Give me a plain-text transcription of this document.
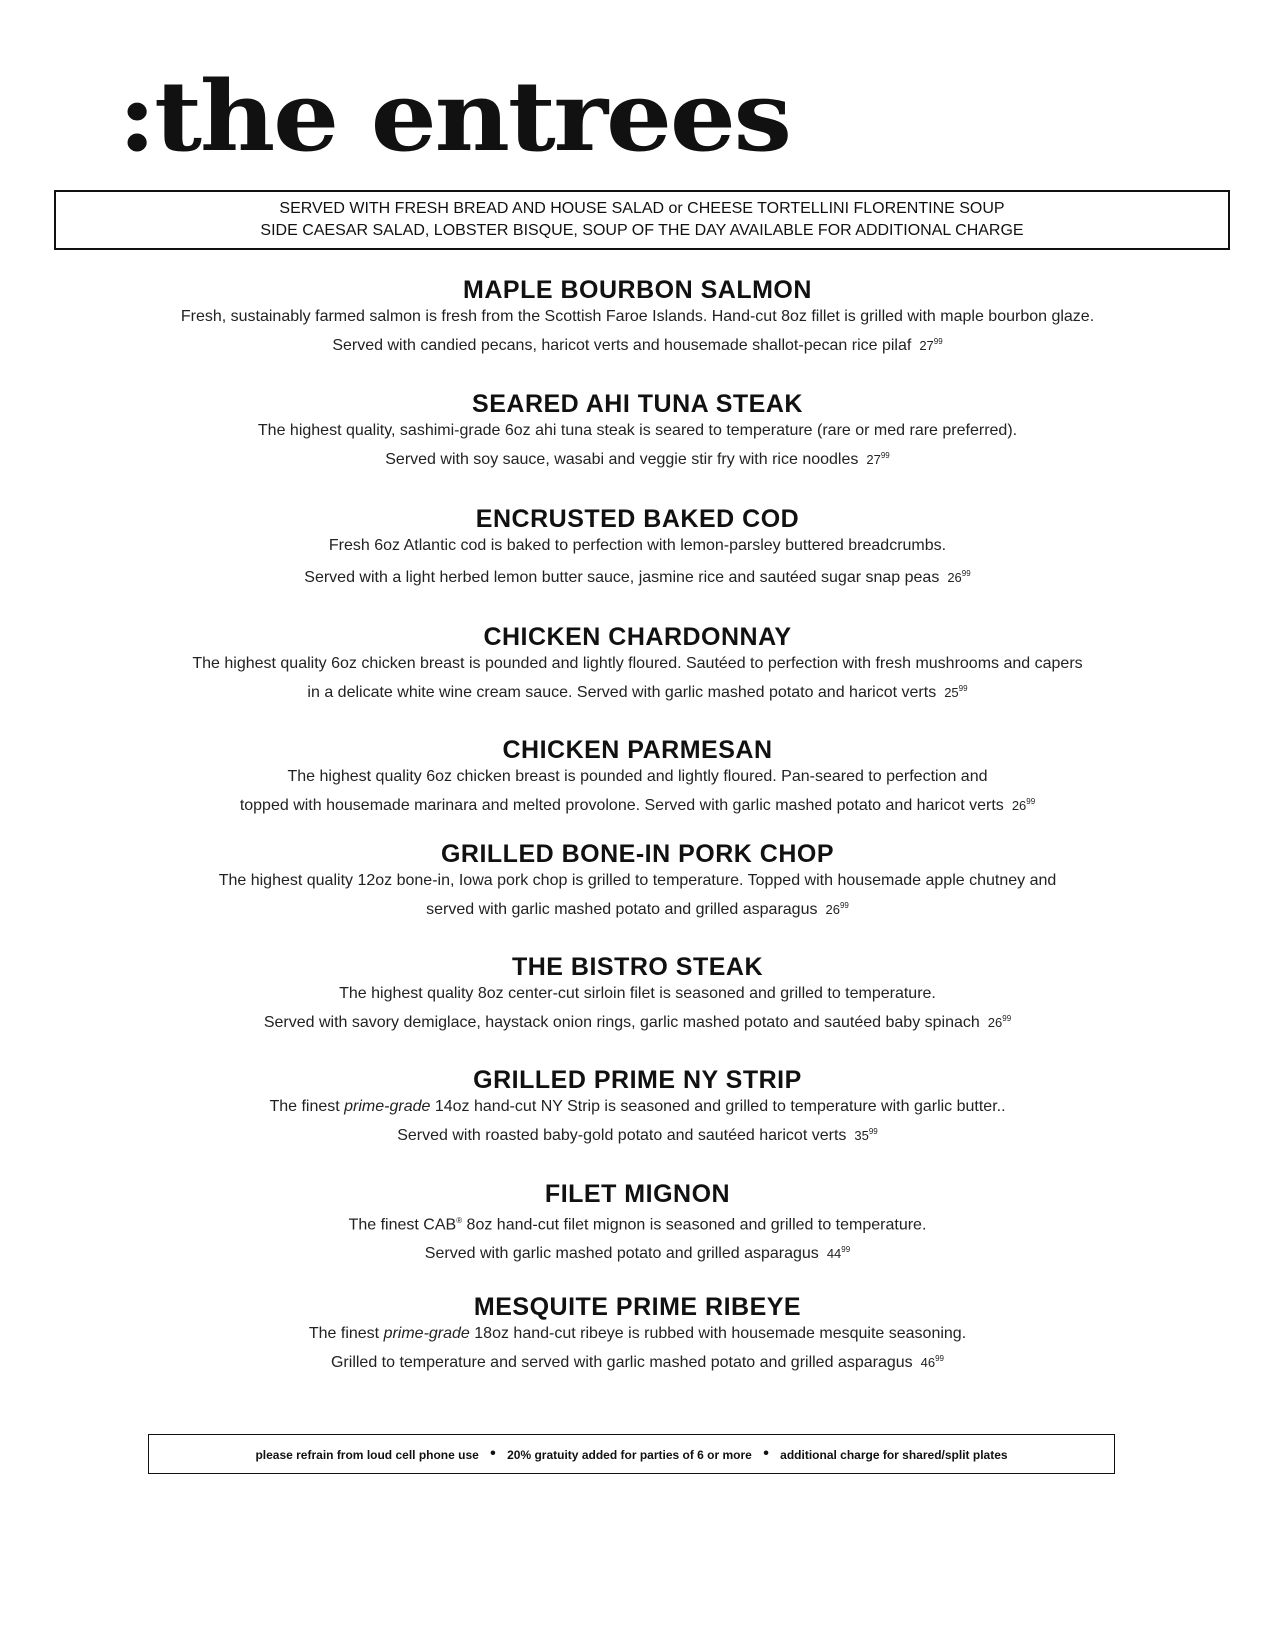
:the entrees
SERVED WITH FRESH BREAD AND HOUSE SALAD or CHEESE TORTELLINI FLORENTINE SOUP
SIDE CAESAR SALAD, LOBSTER BISQUE, SOUP OF THE DAY AVAILABLE FOR ADDITIONAL CHARGE
MAPLE BOURBON SALMON
Fresh, sustainably farmed salmon is fresh from the Scottish Faroe Islands. Hand-cut 8oz fillet is grilled with maple bourbon glaze.
Served with candied pecans, haricot verts and housemade shallot-pecan rice pilaf $27^{99}$
SEARED AHI TUNA STEAK
The highest quality, sashimi-grade 6oz ahi tuna steak is seared to temperature (rare or med rare preferred).
Served with soy sauce, wasabi and veggie stir fry with rice noodles $27^{99}$
ENCRUSTED BAKED COD
Fresh 6oz Atlantic cod is baked to perfection with lemon-parsley buttered breadcrumbs.
Served with a light herbed lemon butter sauce, jasmine rice and sautéed sugar snap peas $26^{99}$
CHICKEN CHARDONNAY
The highest quality 6oz chicken breast is pounded and lightly floured. Sautéed to perfection with fresh mushrooms and capers
in a delicate white wine cream sauce. Served with garlic mashed potato and haricot verts $25^{99}$
CHICKEN PARMESAN
The highest quality 6oz chicken breast is pounded and lightly floured. Pan-seared to perfection and
topped with housemade marinara and melted provolone. Served with garlic mashed potato and haricot verts $26^{99}$
GRILLED BONE-IN PORK CHOP
The highest quality 12oz bone-in, Iowa pork chop is grilled to temperature. Topped with housemade apple chutney and
served with garlic mashed potato and grilled asparagus $26^{99}$
THE BISTRO STEAK
The highest quality 8oz center-cut sirloin filet is seasoned and grilled to temperature.
Served with savory demiglace, haystack onion rings, garlic mashed potato and sautéed baby spinach $26^{99}$
GRILLED PRIME NY STRIP
The finest prime-grade 14oz hand-cut NY Strip is seasoned and grilled to temperature with garlic butter..
Served with roasted baby-gold potato and sautéed haricot verts $35^{99}$
FILET MIGNON
The finest CAB® 8oz hand-cut filet mignon is seasoned and grilled to temperature.
Served with garlic mashed potato and grilled asparagus $44^{99}$
MESQUITE PRIME RIBEYE
The finest prime-grade 18oz hand-cut ribeye is rubbed with housemade mesquite seasoning.
Grilled to temperature and served with garlic mashed potato and grilled asparagus $46^{99}$
please refrain from loud cell phone use • 20% gratuity added for parties of 6 or more • additional charge for shared/split plates
